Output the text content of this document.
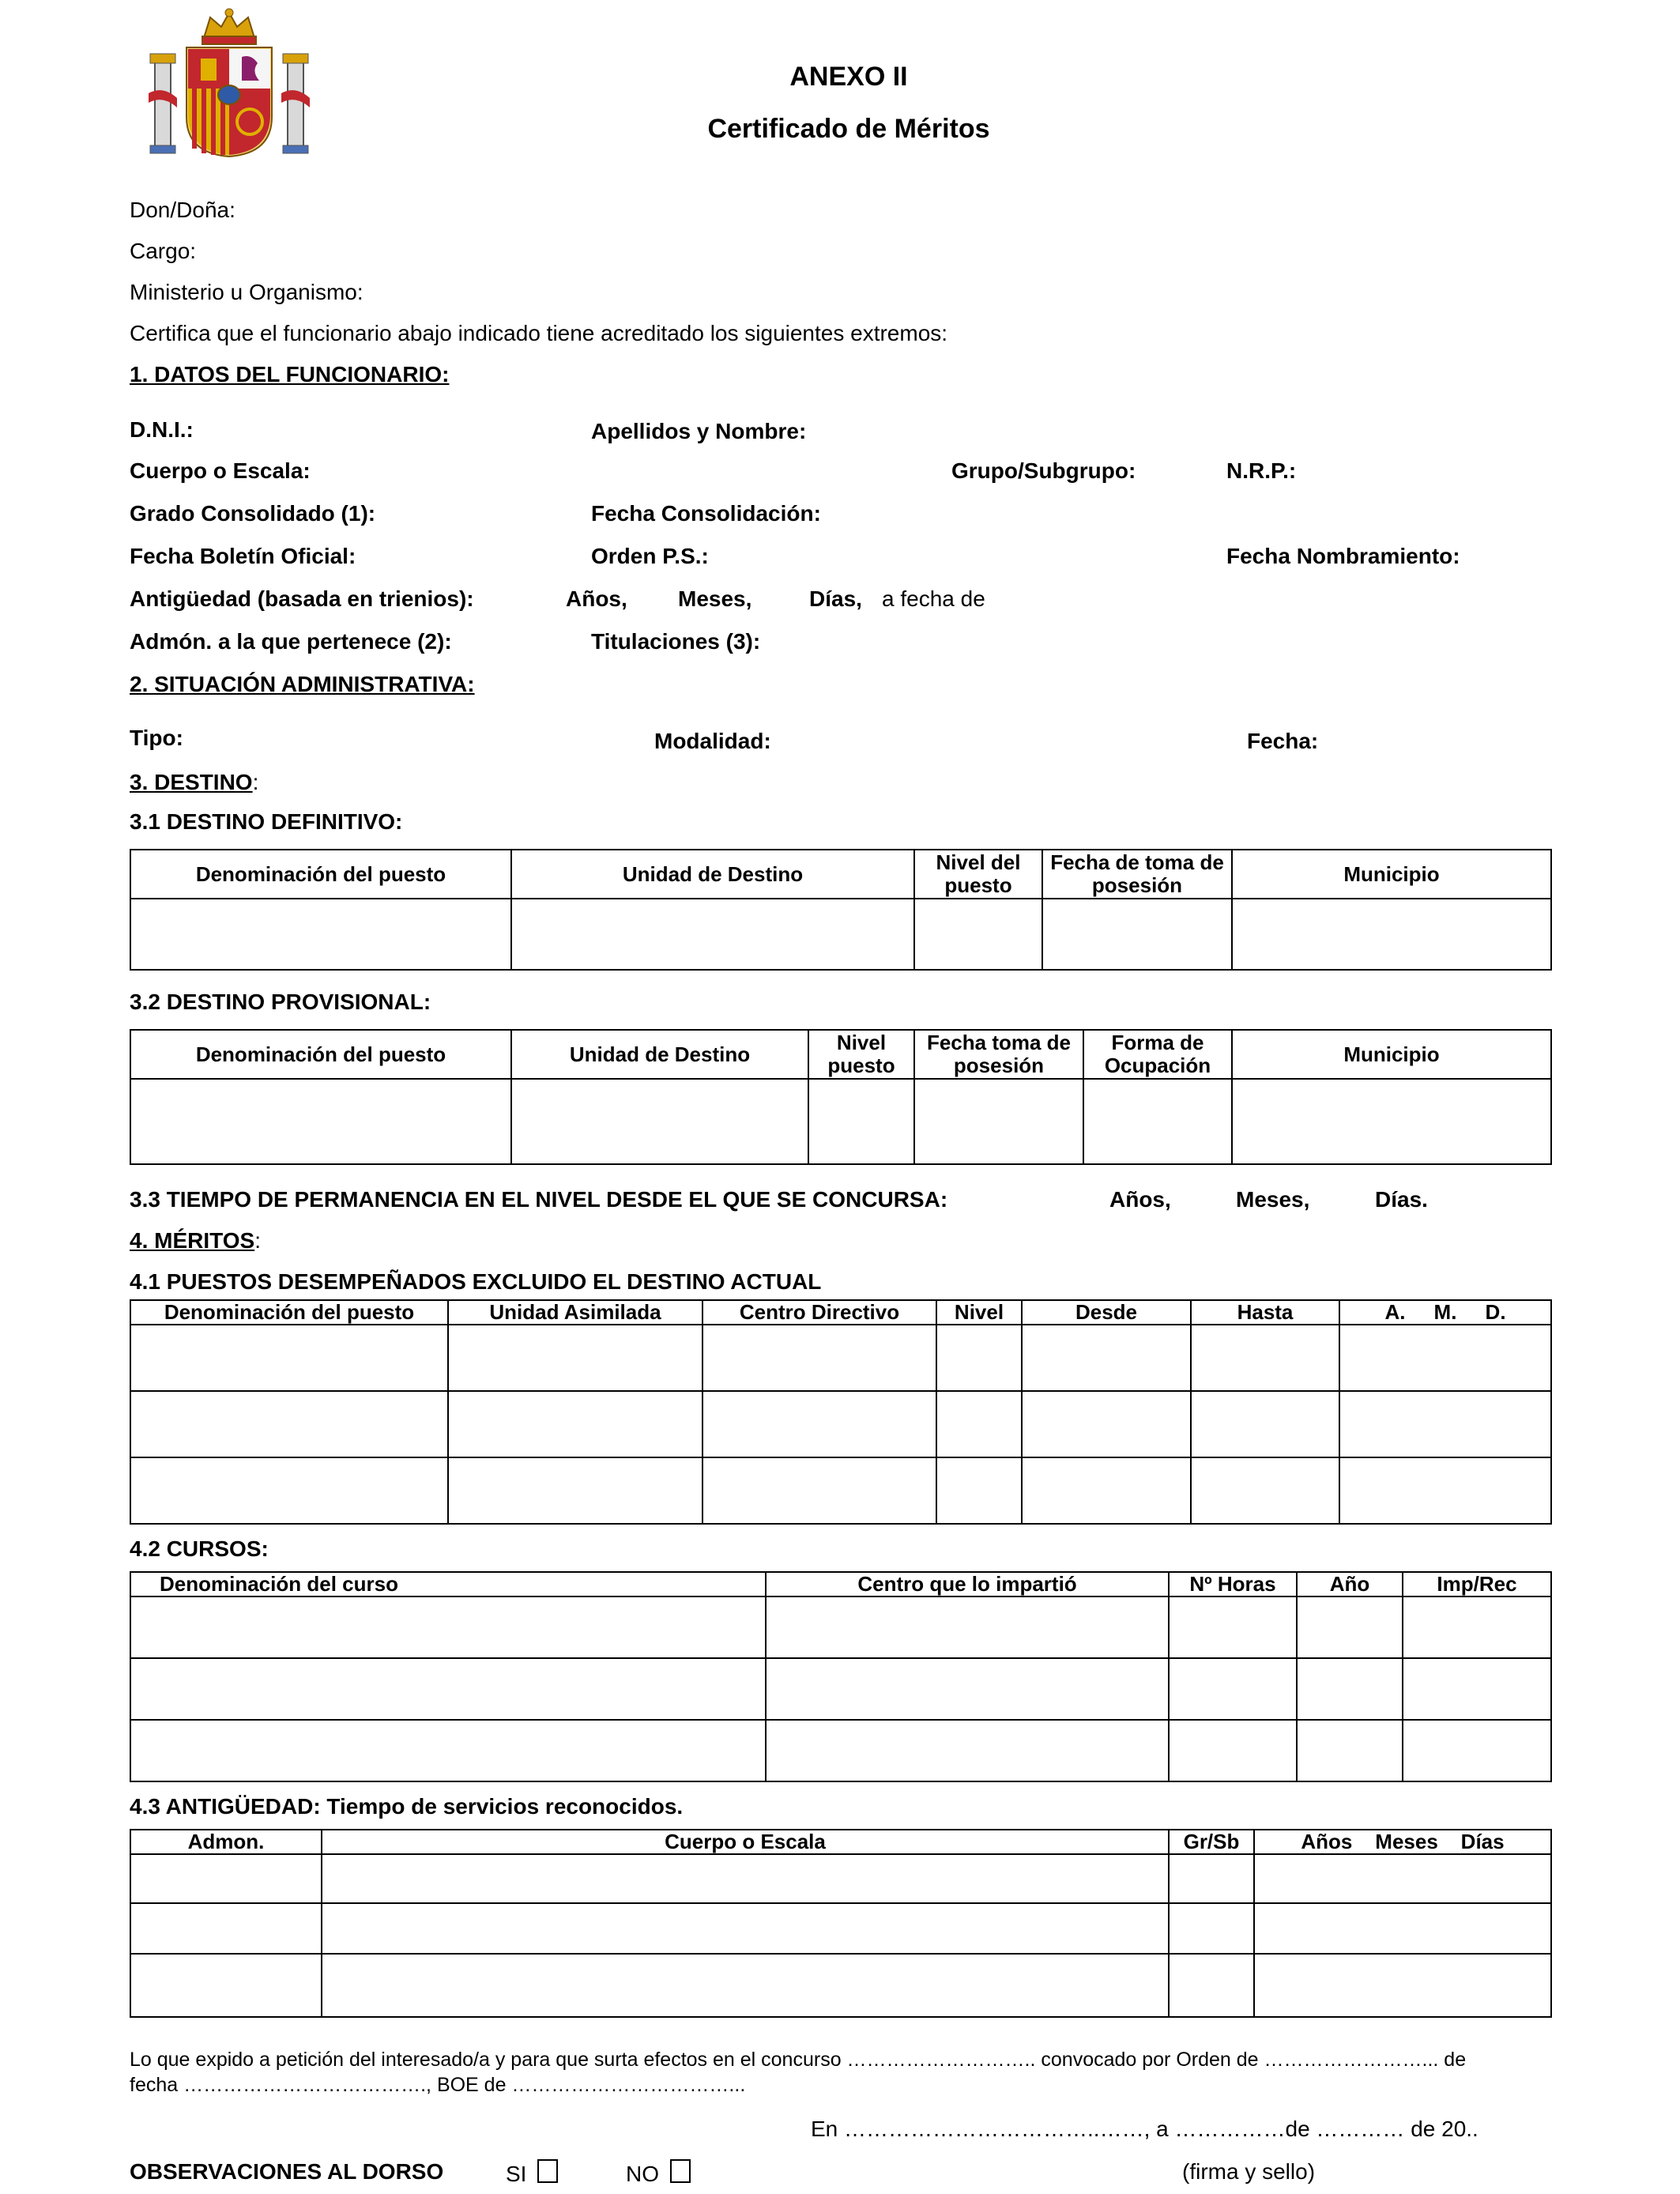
ANEXO II
Certificado de Méritos
Don/Doña:
Cargo:
Ministerio u Organismo:
Certifica que el funcionario abajo indicado tiene acreditado los siguientes extremos:
1. DATOS DEL FUNCIONARIO:
D.N.I.:	Apellidos y Nombre:
Cuerpo o Escala:	Grupo/Subgrupo:	N.R.P.:
Grado Consolidado (1):	Fecha Consolidación:
Fecha Boletín Oficial:	Orden P.S.:	Fecha Nombramiento:
Antigüedad (basada en trienios):	Años, Meses,	Días, a fecha de
Admón. a la que pertenece (2):	Titulaciones (3):
2. SITUACIÓN ADMINISTRATIVA:
Tipo:	Modalidad:	Fecha:
3. DESTINO:
3.1 DESTINO DEFINITIVO:
Denominación del puesto	Unidad de Destino	Nivel del puesto	Fecha de toma de posesión	Municipio

3.2 DESTINO PROVISIONAL:
Denominación del puesto	Unidad de Destino	Nivel puesto	Fecha toma de posesión	Forma de Ocupación	Municipio

3.3 TIEMPO DE PERMANENCIA EN EL NIVEL DESDE EL QUE SE CONCURSA:	Años,	Meses,	Días.
4. MÉRITOS:
4.1 PUESTOS DESEMPEÑADOS EXCLUIDO EL DESTINO ACTUAL
Denominación del puesto	Unidad Asimilada	Centro Directivo	Nivel	Desde	Hasta	A.     M.     D.

4.2 CURSOS:
Denominación del curso	Centro que lo impartió	Nº Horas	Año	Imp/Rec

4.3 ANTIGÜEDAD: Tiempo de servicios reconocidos.
Admon.	Cuerpo o Escala	Gr/Sb	Años    Meses    Días

Lo que expido a petición del interesado/a y para que surta efectos en el concurso ……………………….. convocado por Orden de ……………………... de
fecha ………………………………., BOE de ……………………………...
En ……………………………..……, a ……………de ………… de 20..
OBSERVACIONES AL DORSO	SI	NO	(firma y sello)
